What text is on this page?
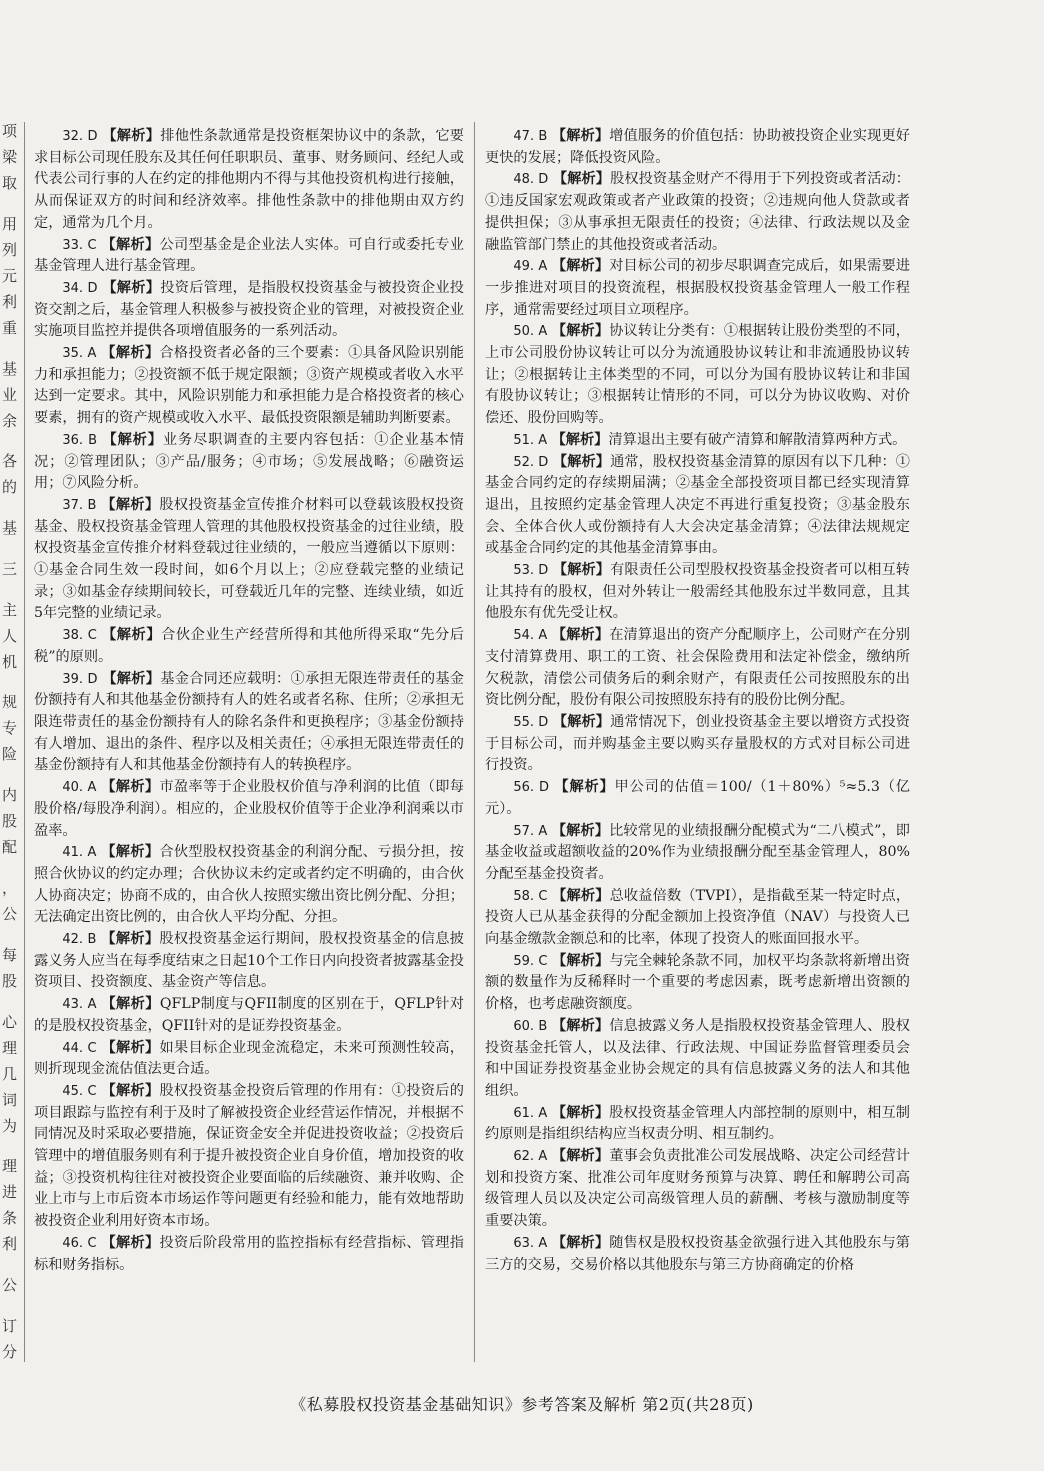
项
梁
取
用
列
元
利
重
基
业
余
各
的
基
三
主
人
机
规
专
险
内
股
配
，
公
每
股
心
理
几
词
为
理
进
条
利
公
订
分

32. D 【解析】排他性条款通常是投资框架协议中的条款，它要求目标公司现任股东及其任何任职职员、董事、财务顾问、经纪人或代表公司行事的人在约定的排他期内不得与其他投资机构进行接触，从而保证双方的时间和经济效率。排他性条款中的排他期由双方约定，通常为几个月。

33. C 【解析】公司型基金是企业法人实体。可自行或委托专业基金管理人进行基金管理。

34. D 【解析】投资后管理，是指股权投资基金与被投资企业投资交割之后，基金管理人积极参与被投资企业的管理，对被投资企业实施项目监控并提供各项增值服务的一系列活动。

35. A 【解析】合格投资者必备的三个要素：①具备风险识别能力和承担能力；②投资额不低于规定限额；③资产规模或者收入水平达到一定要求。其中，风险识别能力和承担能力是合格投资者的核心要素，拥有的资产规模或收入水平、最低投资限额是辅助判断要素。

36. B 【解析】业务尽职调查的主要内容包括：①企业基本情况；②管理团队；③产品/服务；④市场；⑤发展战略；⑥融资运用；⑦风险分析。

37. B 【解析】股权投资基金宣传推介材料可以登载该股权投资基金、股权投资基金管理人管理的其他股权投资基金的过往业绩，股权投资基金宣传推介材料登载过往业绩的，一般应当遵循以下原则：①基金合同生效一段时间，如6个月以上；②应登载完整的业绩记录；③如基金存续期间较长，可登载近几年的完整、连续业绩，如近5年完整的业绩记录。

38. C 【解析】合伙企业生产经营所得和其他所得采取“先分后税”的原则。

39. D 【解析】基金合同还应载明：①承担无限连带责任的基金份额持有人和其他基金份额持有人的姓名或者名称、住所；②承担无限连带责任的基金份额持有人的除名条件和更换程序；③基金份额持有人增加、退出的条件、程序以及相关责任；④承担无限连带责任的基金份额持有人和其他基金份额持有人的转换程序。

40. A 【解析】市盈率等于企业股权价值与净利润的比值（即每股价格/每股净利润）。相应的，企业股权价值等于企业净利润乘以市盈率。

41. A 【解析】合伙型股权投资基金的利润分配、亏损分担，按照合伙协议的约定办理；合伙协议未约定或者约定不明确的，由合伙人协商决定；协商不成的，由合伙人按照实缴出资比例分配、分担；无法确定出资比例的，由合伙人平均分配、分担。

42. B 【解析】股权投资基金运行期间，股权投资基金的信息披露义务人应当在每季度结束之日起10个工作日内向投资者披露基金投资项目、投资额度、基金资产等信息。

43. A 【解析】QFLP制度与QFII制度的区别在于，QFLP针对的是股权投资基金，QFII针对的是证券投资基金。

44. C 【解析】如果目标企业现金流稳定，未来可预测性较高，则折现现金流估值法更合适。

45. C 【解析】股权投资基金投资后管理的作用有：①投资后的项目跟踪与监控有利于及时了解被投资企业经营运作情况，并根据不同情况及时采取必要措施，保证资金安全并促进投资收益；②投资后管理中的增值服务则有利于提升被投资企业自身价值，增加投资的收益；③投资机构往往对被投资企业要面临的后续融资、兼并收购、企业上市与上市后资本市场运作等问题更有经验和能力，能有效地帮助被投资企业利用好资本市场。

46. C 【解析】投资后阶段常用的监控指标有经营指标、管理指标和财务指标。

47. B 【解析】增值服务的价值包括：协助被投资企业实现更好更快的发展；降低投资风险。

48. D 【解析】股权投资基金财产不得用于下列投资或者活动：①违反国家宏观政策或者产业政策的投资；②违规向他人贷款或者提供担保；③从事承担无限责任的投资；④法律、行政法规以及金融监管部门禁止的其他投资或者活动。

49. A 【解析】对目标公司的初步尽职调查完成后，如果需要进一步推进对项目的投资流程，根据股权投资基金管理人一般工作程序，通常需要经过项目立项程序。

50. A 【解析】协议转让分类有：①根据转让股份类型的不同，上市公司股份协议转让可以分为流通股协议转让和非流通股协议转让；②根据转让主体类型的不同，可以分为国有股协议转让和非国有股协议转让；③根据转让情形的不同，可以分为协议收购、对价偿还、股份回购等。

51. A 【解析】清算退出主要有破产清算和解散清算两种方式。

52. D 【解析】通常，股权投资基金清算的原因有以下几种：①基金合同约定的存续期届满；②基金全部投资项目都已经实现清算退出，且按照约定基金管理人决定不再进行重复投资；③基金股东会、全体合伙人或份额持有人大会决定基金清算；④法律法规规定或基金合同约定的其他基金清算事由。

53. D 【解析】有限责任公司型股权投资基金投资者可以相互转让其持有的股权，但对外转让一般需经其他股东过半数同意，且其他股东有优先受让权。

54. A 【解析】在清算退出的资产分配顺序上，公司财产在分别支付清算费用、职工的工资、社会保险费用和法定补偿金，缴纳所欠税款，清偿公司债务后的剩余财产，有限责任公司按照股东的出资比例分配，股份有限公司按照股东持有的股份比例分配。

55. D 【解析】通常情况下，创业投资基金主要以增资方式投资于目标公司，而并购基金主要以购买存量股权的方式对目标公司进行投资。

56. D 【解析】甲公司的估值＝100/（1＋80%）⁵≈5.3（亿元）。

57. A 【解析】比较常见的业绩报酬分配模式为“二八模式”，即基金收益或超额收益的20%作为业绩报酬分配至基金管理人，80%分配至基金投资者。

58. C 【解析】总收益倍数（TVPI），是指截至某一特定时点，投资人已从基金获得的分配金额加上投资净值（NAV）与投资人已向基金缴款金额总和的比率，体现了投资人的账面回报水平。

59. C 【解析】与完全棘轮条款不同，加权平均条款将新增出资额的数量作为反稀释时一个重要的考虑因素，既考虑新增出资额的价格，也考虑融资额度。

60. B 【解析】信息披露义务人是指股权投资基金管理人、股权投资基金托管人，以及法律、行政法规、中国证券监督管理委员会和中国证券投资基金业协会规定的具有信息披露义务的法人和其他组织。

61. A 【解析】股权投资基金管理人内部控制的原则中，相互制约原则是指组织结构应当权责分明、相互制约。

62. A 【解析】董事会负责批准公司发展战略、决定公司经营计划和投资方案、批准公司年度财务预算与决算、聘任和解聘公司高级管理人员以及决定公司高级管理人员的薪酬、考核与激励制度等重要决策。

63. A 【解析】随售权是股权投资基金欲强行进入其他股东与第三方的交易，交易价格以其他股东与第三方协商确定的价格

《私募股权投资基金基础知识》参考答案及解析 第2页(共28页)
